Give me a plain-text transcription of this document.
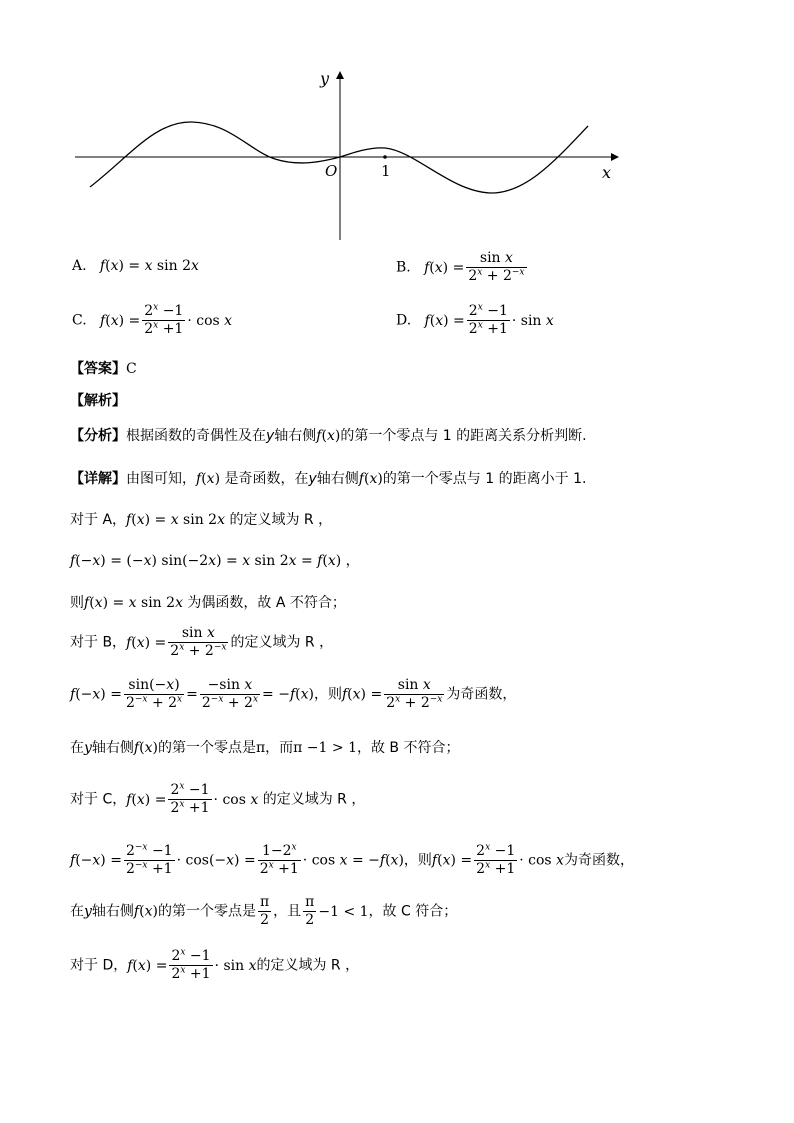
y
x
O	1
A. f(x) = x sin 2x	B. $f(x) = \frac{\text{sin x}}{2^x + 2^{-x}}$
C. $f(x) = \frac{2^x -1}{2^x +1} \cdot \cos x$	D. $f(x) = \frac{2^x -1}{2^x +1} \cdot \sin x$
【答案】C
【解析】
【分析】根据函数的奇偶性及在y轴右侧f(x)的第一个零点与 1 的距离关系分析判断.
【详解】由图可知，f(x) 是奇函数，在y轴右侧f(x)的第一个零点与 1 的距离小于 1.
对于 A，f(x) = x sin 2x 的定义域为 R ，
f(−x) = (−x) sin(−2x) = x sin 2x = f(x) ，
则f(x) = x sin 2x 为偶函数，故 A 不符合；
对于 B，$f(x) = \frac{\text{sin x}}{2^x + 2^{-x}}$ 的定义域为 R ，
$f(-x) = \frac{\sin(-x)}{2^{-x} + 2^x} = \frac{\text{−sin x}}{2^{-x} + 2^x} = -f(x)$，则$f(x) = \frac{\text{sin x}}{2^x + 2^{-x}}$ 为奇函数，
在y轴右侧f(x)的第一个零点是π，而π −1 > 1，故 B 不符合；
对于 C，$f(x) = \frac{2^x -1}{2^x +1} \cdot \cos x$ 的定义域为 R ，
$f(-x) = \frac{2^{-x} -1}{2^{-x} +1} \cdot \cos(-x) = \frac{1-2^x}{2^x +1} \cdot \cos x = -f(x)$，则$f(x) = \frac{2^x -1}{2^x +1} \cdot \cos x$为奇函数，
在y轴右侧f(x)的第一个零点是 $\frac{\pi}{2}$ ，且 $\frac{\pi}{2} -1 < 1$，故 C 符合；
对于 D，$f(x) = \frac{2^x -1}{2^x +1} \cdot \sin x$的定义域为 R ，
